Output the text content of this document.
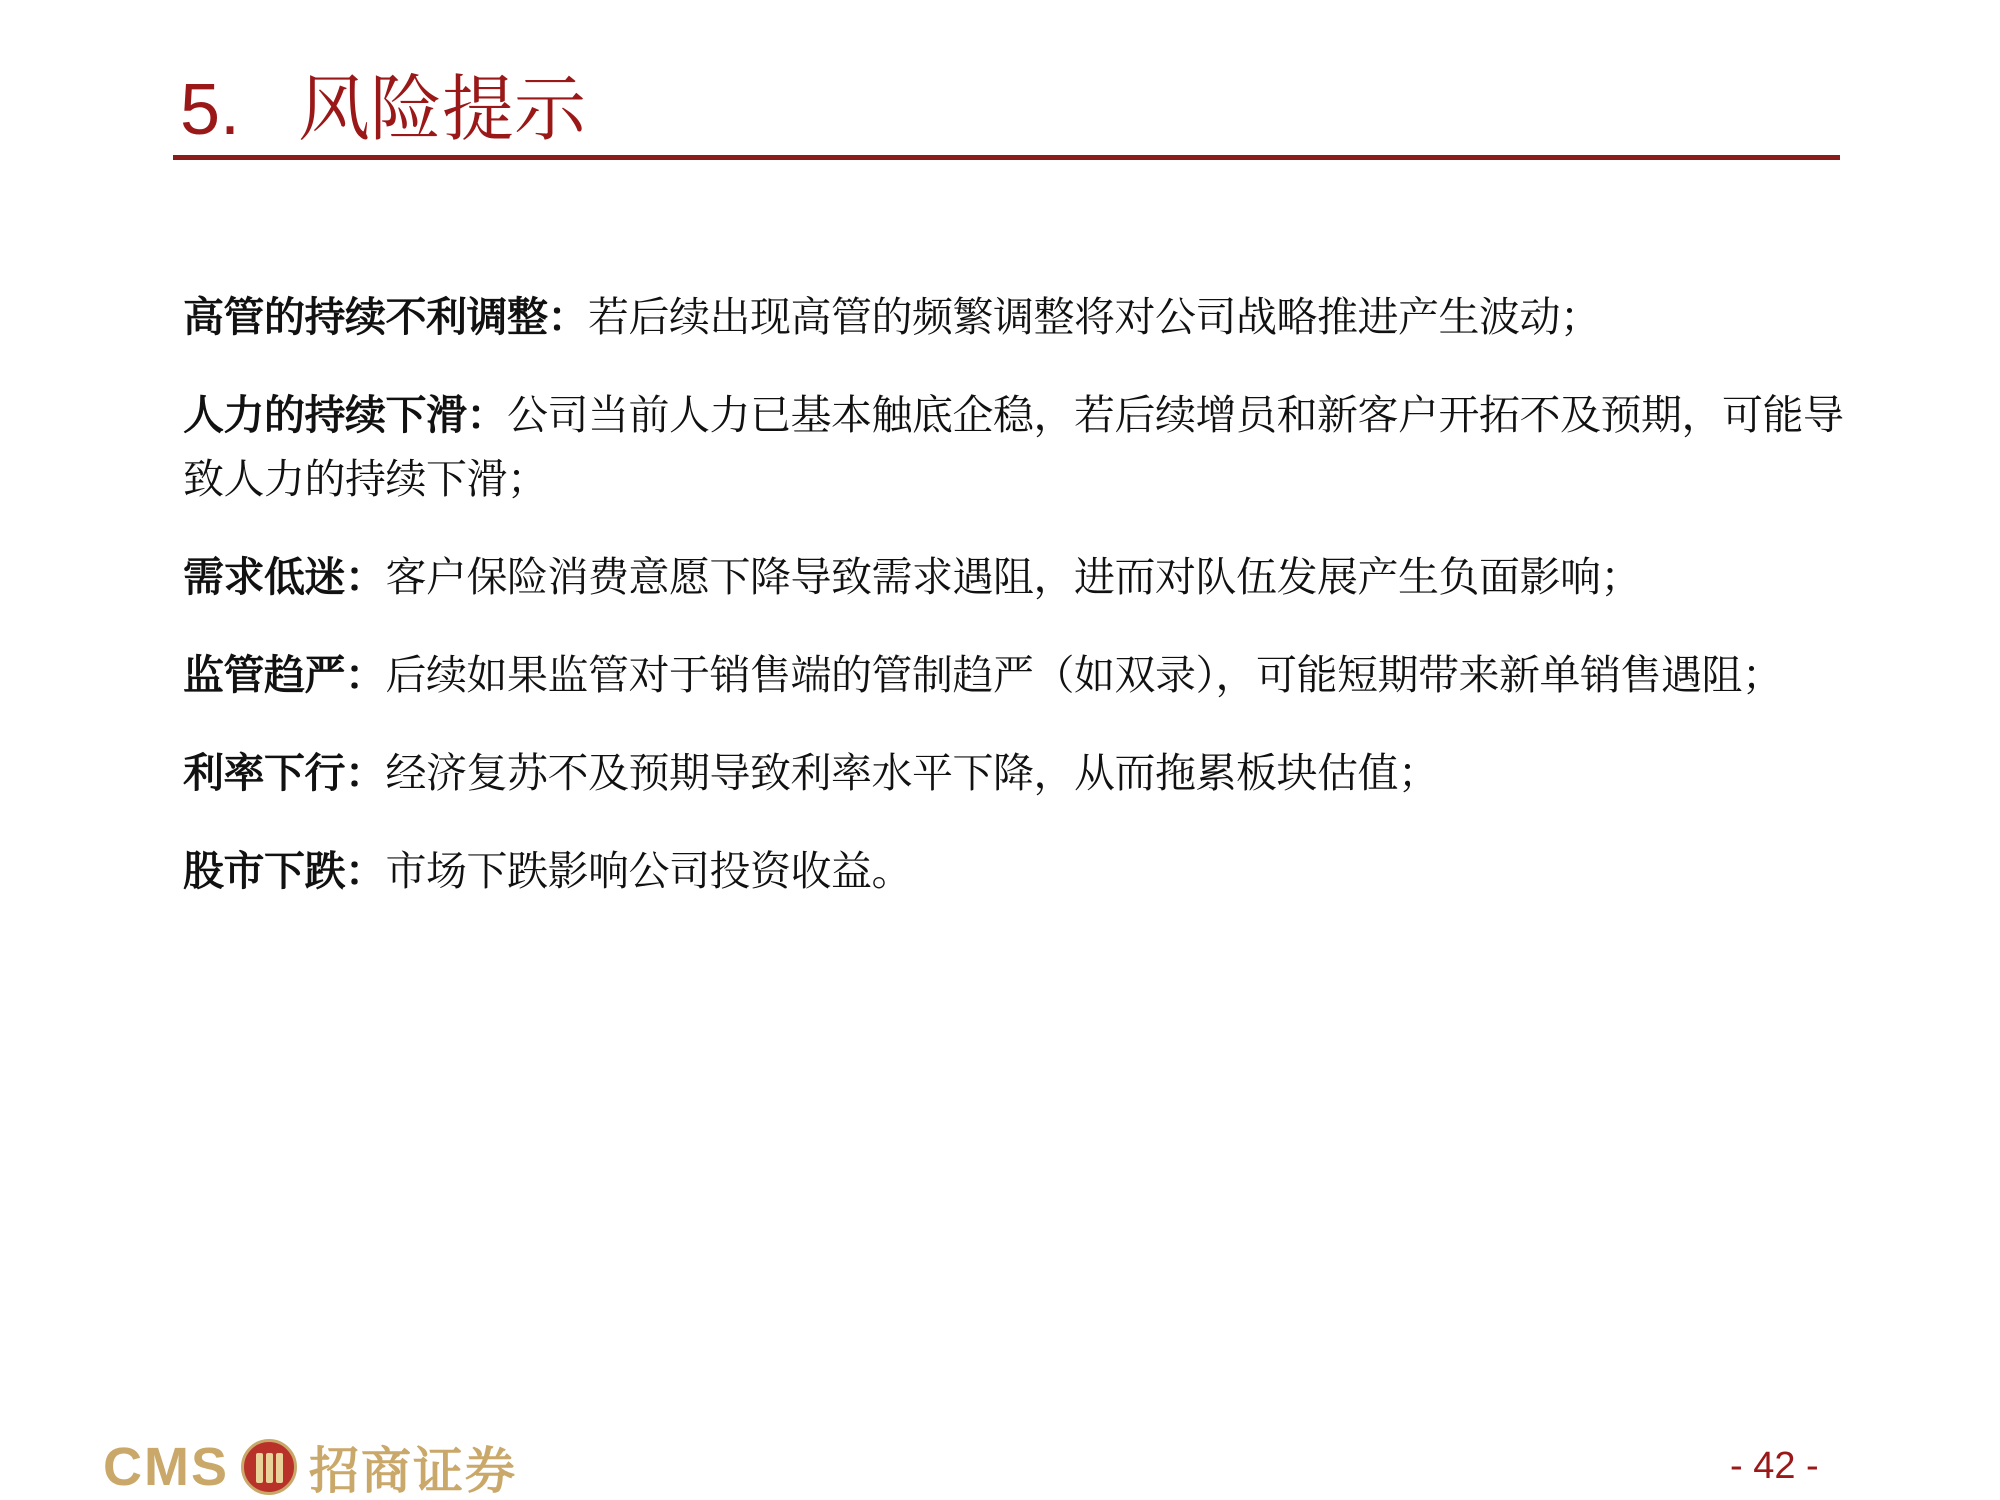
5. 风险提示

高管的持续不利调整：若后续出现高管的频繁调整将对公司战略推进产生波动；

人力的持续下滑：公司当前人力已基本触底企稳，若后续增员和新客户开拓不及预期，可能导致人力的持续下滑；

需求低迷：客户保险消费意愿下降导致需求遇阻，进而对队伍发展产生负面影响；

监管趋严：后续如果监管对于销售端的管制趋严（如双录），可能短期带来新单销售遇阻；

利率下行：经济复苏不及预期导致利率水平下降，从而拖累板块估值；

股市下跌：市场下跌影响公司投资收益。

CMS 招商证券	- 42 -
